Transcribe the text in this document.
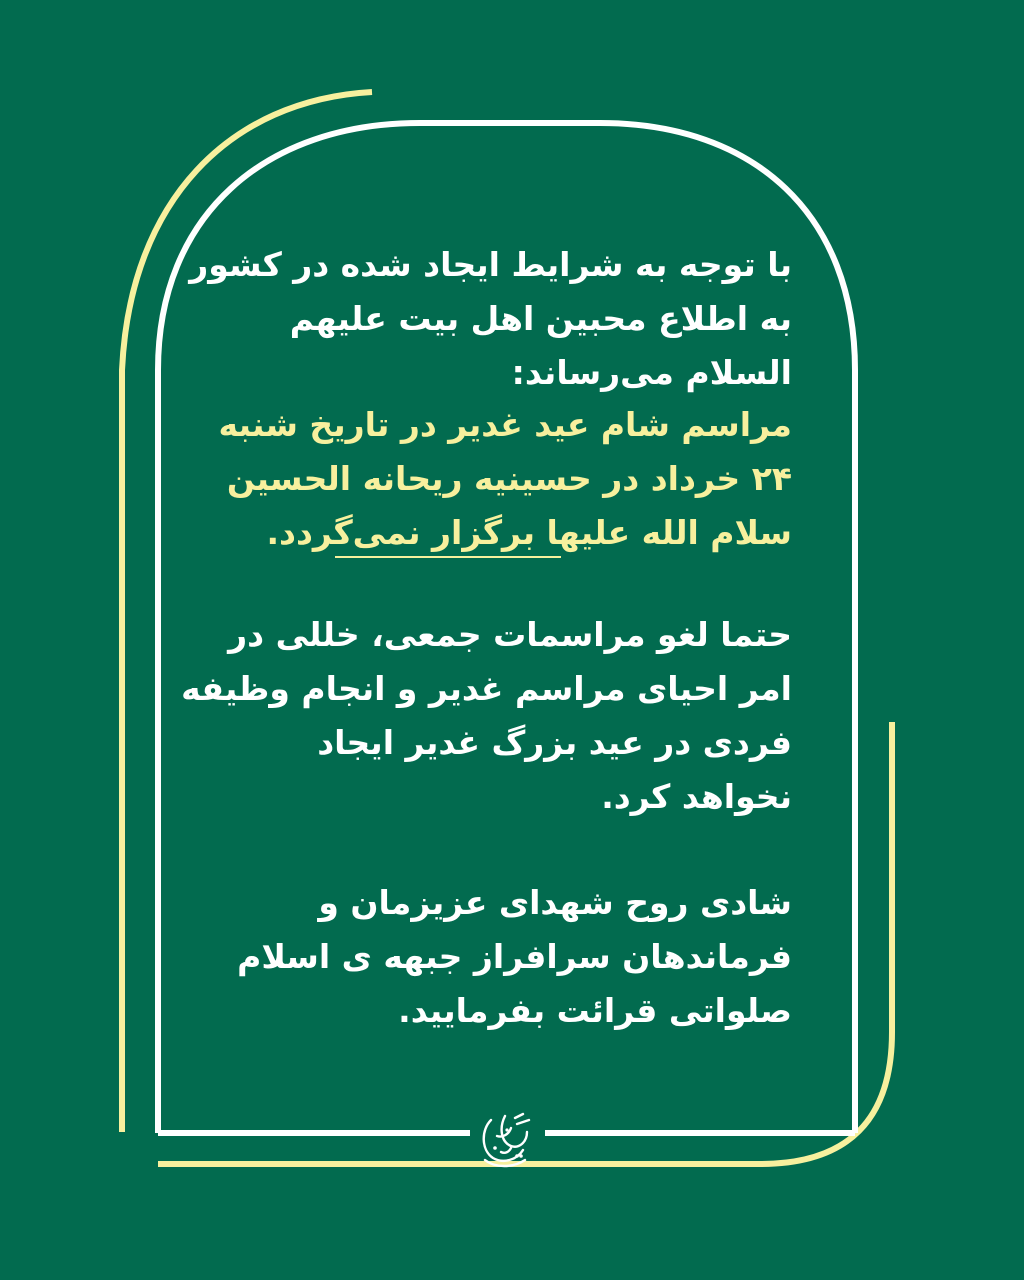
با توجه به شرایط ایجاد شده در کشور
به اطلاع محبین اهل بیت علیهم
السلام می‌رساند:
مراسم شام عید غدیر در تاریخ شنبه
۲۴ خرداد در حسینیه ریحانه الحسین
سلام الله علیها برگزار نمی‌گردد.
حتما لغو مراسمات جمعی، خللی در
امر احیای مراسم غدیر و انجام وظیفه
فردی در عید بزرگ غدیر ایجاد
نخواهد کرد.
شادی روح شهدای عزیزمان و
فرماندهان سرافراز جبهه ی اسلام
صلواتی قرائت بفرمایید.
